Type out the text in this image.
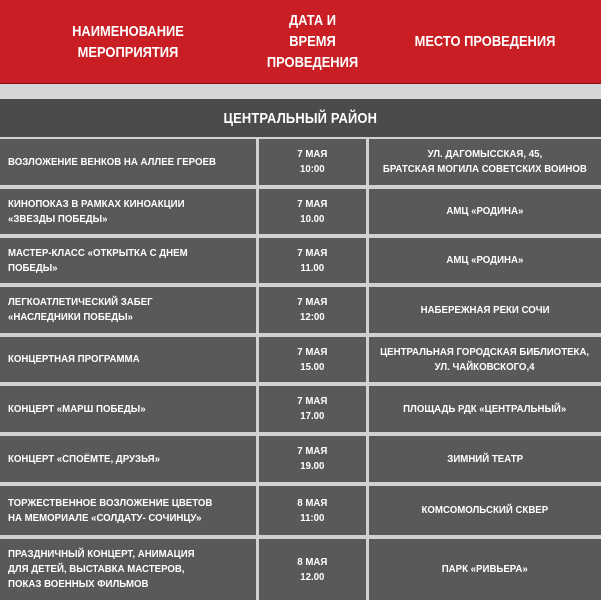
НАИМЕНОВАНИЕ
МЕРОПРИЯТИЯ
ДАТА И ВРЕМЯ
ПРОВЕДЕНИЯ
МЕСТО ПРОВЕДЕНИЯ
ЦЕНТРАЛЬНЫЙ РАЙОН
ВОЗЛОЖЕНИЕ ВЕНКОВ НА АЛЛЕЕ ГЕРОЕВ
7 МАЯ
10:00
УЛ. ДАГОМЫССКАЯ, 45,
БРАТСКАЯ МОГИЛА СОВЕТСКИХ ВОИНОВ
КИНОПОКАЗ В РАМКАХ КИНОАКЦИИ
«ЗВЕЗДЫ ПОБЕДЫ»
7 МАЯ
10.00
АМЦ «РОДИНА»
МАСТЕР-КЛАСС «ОТКРЫТКА С ДНЕМ ПОБЕДЫ»
7 МАЯ
11.00
АМЦ «РОДИНА»
ЛЕГКОАТЛЕТИЧЕСКИЙ ЗАБЕГ
«НАСЛЕДНИКИ ПОБЕДЫ»
7 МАЯ
12:00
НАБЕРЕЖНАЯ РЕКИ СОЧИ
КОНЦЕРТНАЯ ПРОГРАММА
7 МАЯ
15.00
ЦЕНТРАЛЬНАЯ ГОРОДСКАЯ БИБЛИОТЕКА,
УЛ. ЧАЙКОВСКОГО,4
КОНЦЕРТ «МАРШ ПОБЕДЫ»
7 МАЯ
17.00
ПЛОЩАДЬ РДК «ЦЕНТРАЛЬНЫЙ»
КОНЦЕРТ «СПОЁМТЕ, ДРУЗЬЯ»
7 МАЯ
19.00
ЗИМНИЙ ТЕАТР
ТОРЖЕСТВЕННОЕ ВОЗЛОЖЕНИЕ ЦВЕТОВ
НА МЕМОРИАЛЕ «СОЛДАТУ- СОЧИНЦУ»
8 МАЯ
11:00
КОМСОМОЛЬСКИЙ СКВЕР
ПРАЗДНИЧНЫЙ КОНЦЕРТ, АНИМАЦИЯ
ДЛЯ ДЕТЕЙ, ВЫСТАВКА МАСТЕРОВ,
ПОКАЗ ВОЕННЫХ ФИЛЬМОВ
8 МАЯ
12.00
ПАРК «РИВЬЕРА»
